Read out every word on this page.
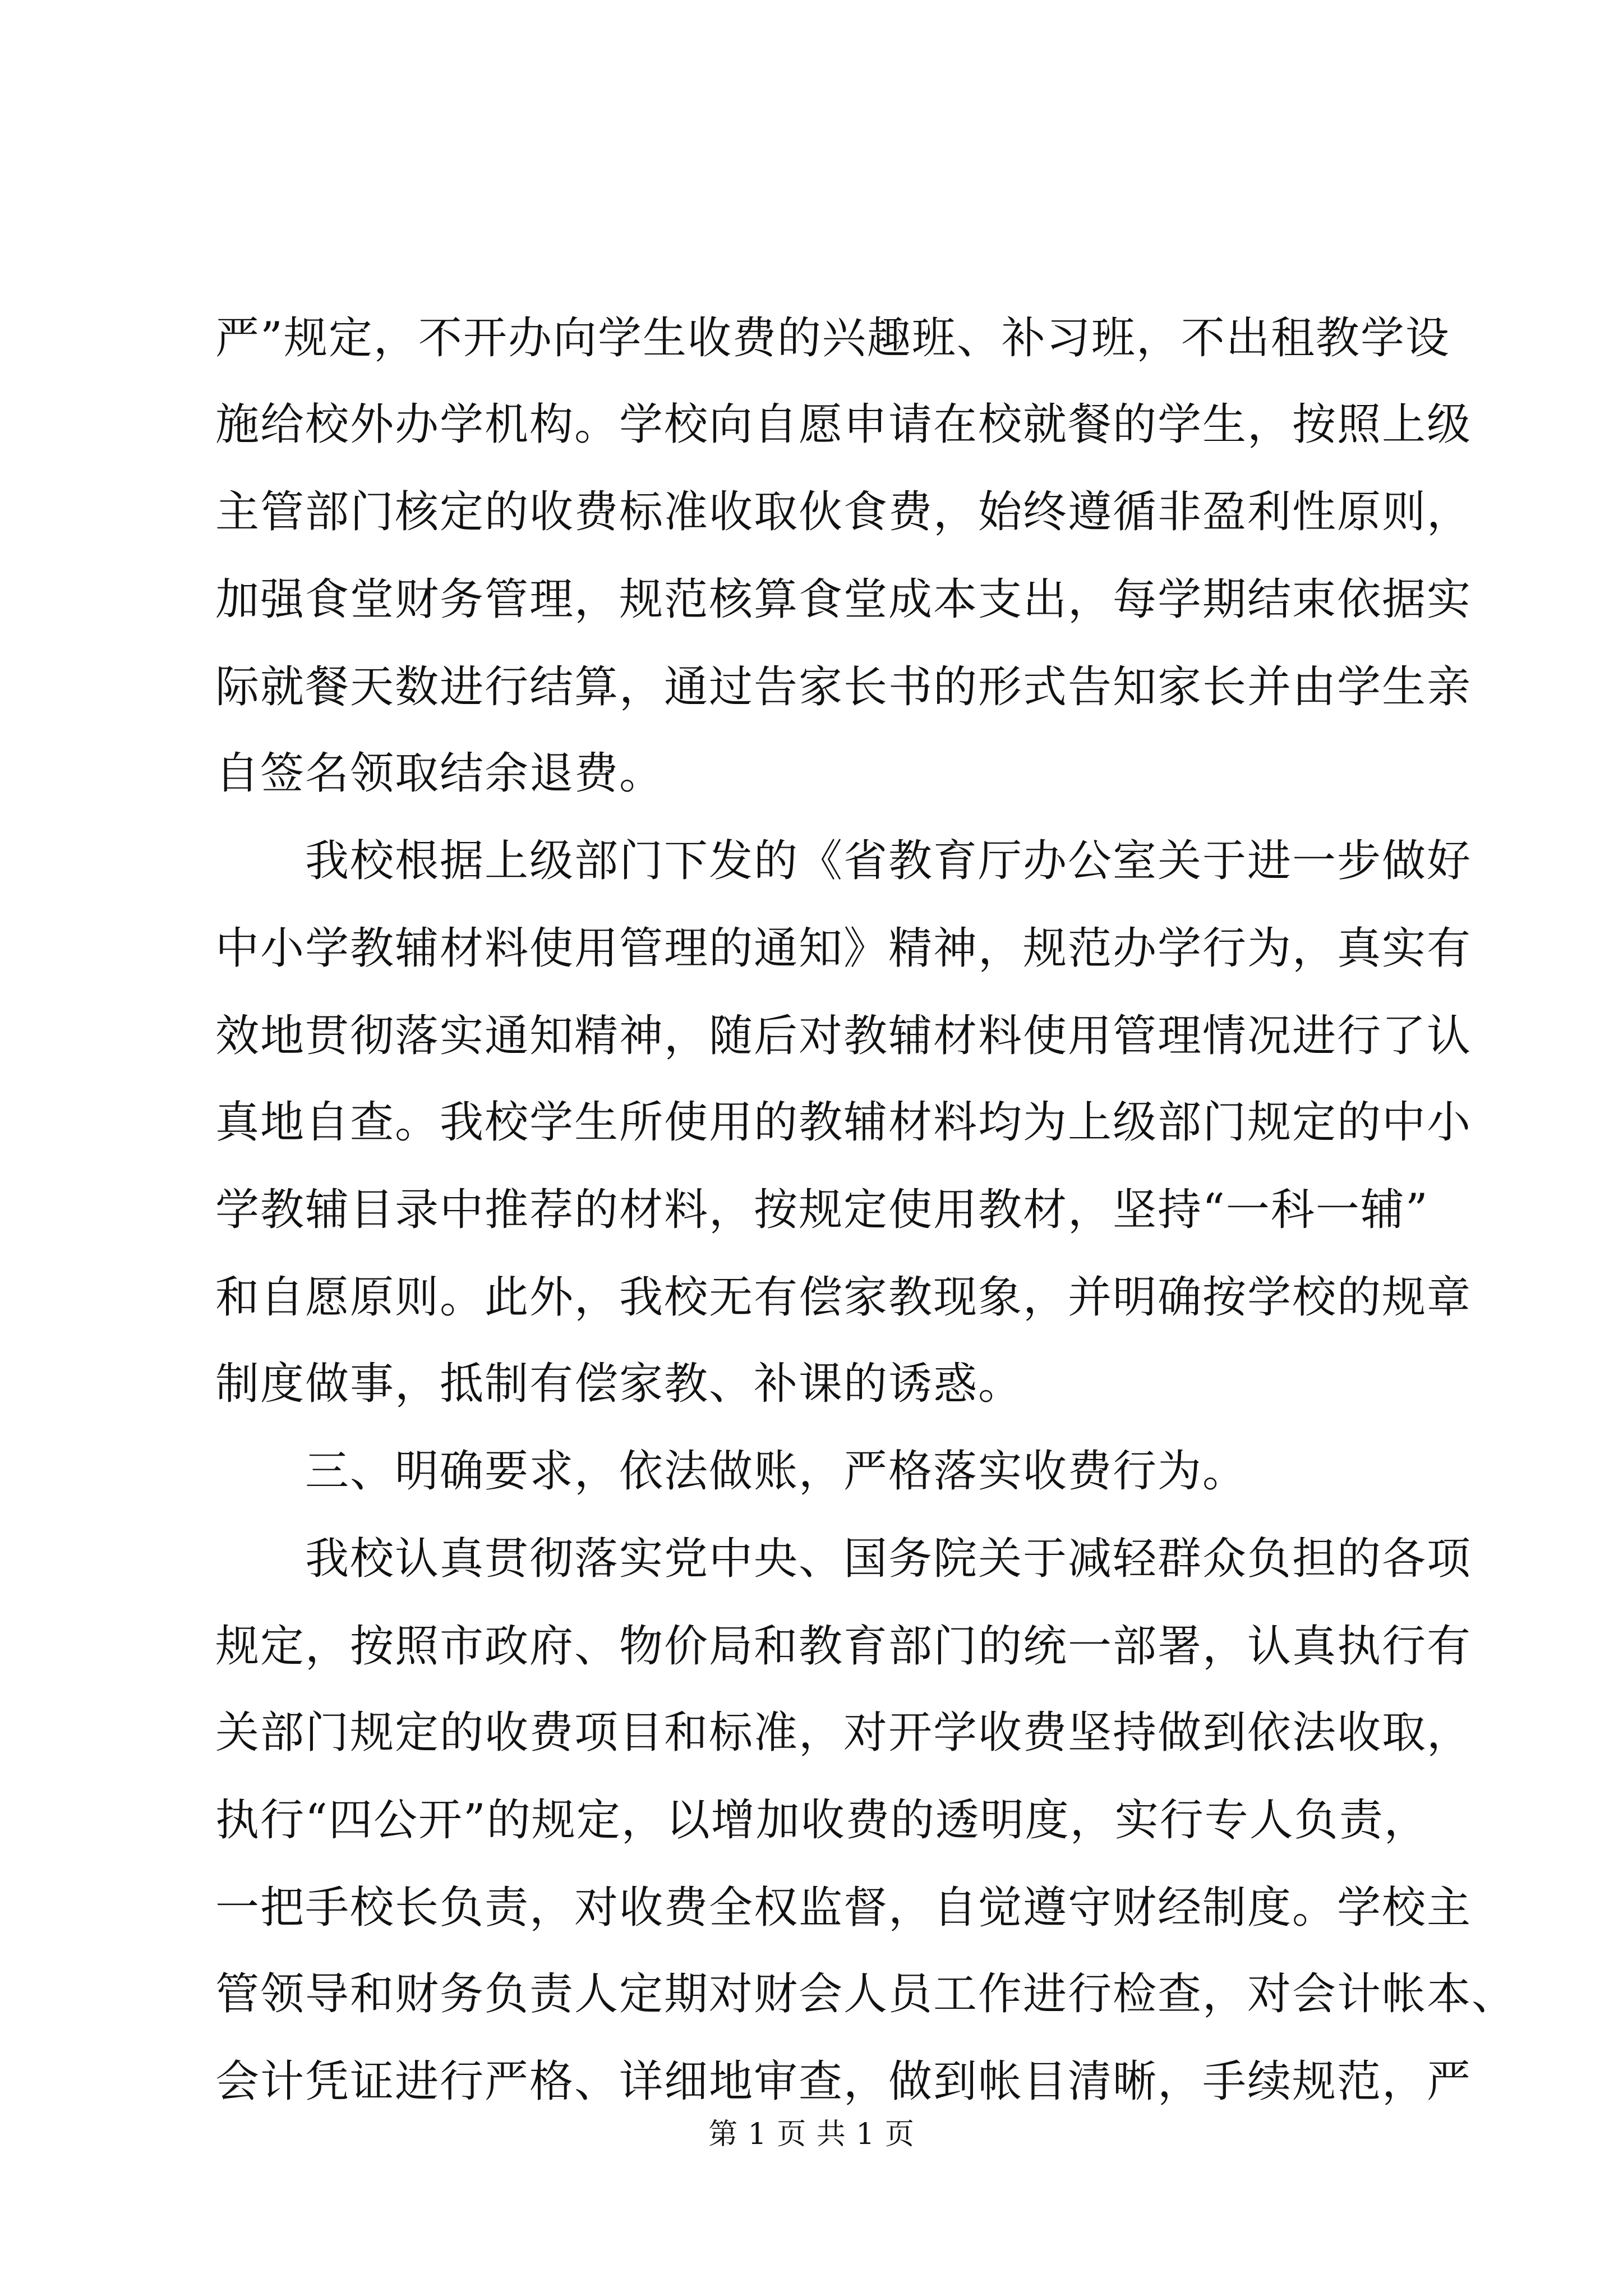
严”规定，不开办向学生收费的兴趣班、补习班，不出租教学设
施给校外办学机构。学校向自愿申请在校就餐的学生，按照上级
主管部门核定的收费标准收取伙食费，始终遵循非盈利性原则，
加强食堂财务管理，规范核算食堂成本支出，每学期结束依据实
际就餐天数进行结算，通过告家长书的形式告知家长并由学生亲
自签名领取结余退费。
我校根据上级部门下发的《省教育厅办公室关于进一步做好
中小学教辅材料使用管理的通知》精神，规范办学行为，真实有
效地贯彻落实通知精神，随后对教辅材料使用管理情况进行了认
真地自查。我校学生所使用的教辅材料均为上级部门规定的中小
学教辅目录中推荐的材料，按规定使用教材，坚持“一科一辅”
和自愿原则。此外，我校无有偿家教现象，并明确按学校的规章
制度做事，抵制有偿家教、补课的诱惑。
三、明确要求，依法做账，严格落实收费行为。
我校认真贯彻落实党中央、国务院关于减轻群众负担的各项
规定，按照市政府、物价局和教育部门的统一部署，认真执行有
关部门规定的收费项目和标准，对开学收费坚持做到依法收取，
执行“四公开”的规定，以增加收费的透明度，实行专人负责，
一把手校长负责，对收费全权监督，自觉遵守财经制度。学校主
管领导和财务负责人定期对财会人员工作进行检查，对会计帐本、
会计凭证进行严格、详细地审查，做到帐目清晰，手续规范，严
第 1 页 共 1 页
